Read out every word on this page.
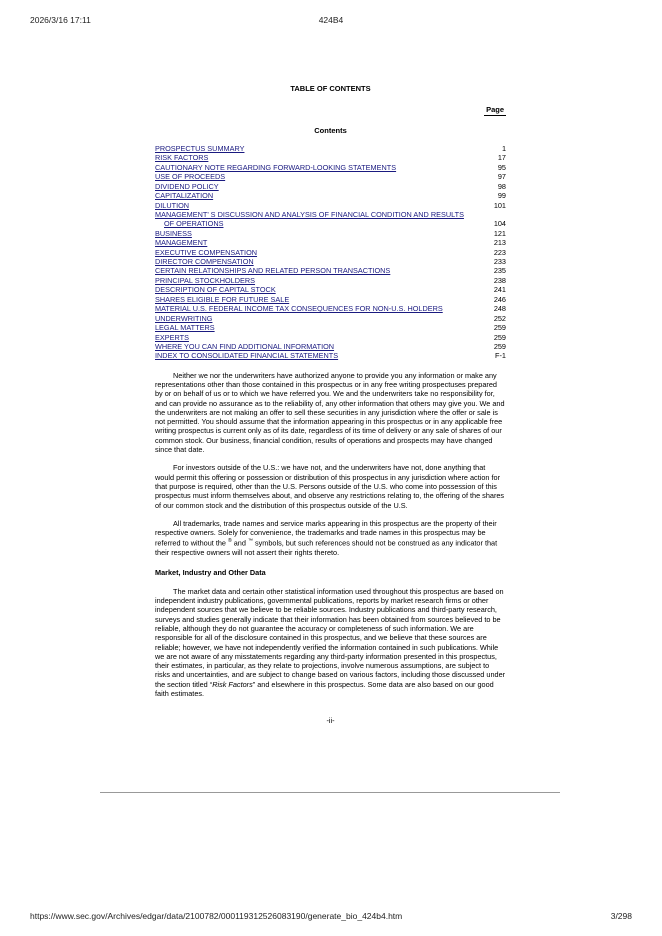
2026/3/16 17:11	424B4
TABLE OF CONTENTS
Page
Contents
PROSPECTUS SUMMARY	1
RISK FACTORS	17
CAUTIONARY NOTE REGARDING FORWARD-LOOKING STATEMENTS	95
USE OF PROCEEDS	97
DIVIDEND POLICY	98
CAPITALIZATION	99
DILUTION	101
MANAGEMENT’ S DISCUSSION AND ANALYSIS OF FINANCIAL CONDITION AND RESULTS
OF OPERATIONS	104
BUSINESS	121
MANAGEMENT	213
EXECUTIVE COMPENSATION	223
DIRECTOR COMPENSATION	233
CERTAIN RELATIONSHIPS AND RELATED PERSON TRANSACTIONS	235
PRINCIPAL STOCKHOLDERS	238
DESCRIPTION OF CAPITAL STOCK	241
SHARES ELIGIBLE FOR FUTURE SALE	246
MATERIAL U.S. FEDERAL INCOME TAX CONSEQUENCES FOR NON-U.S. HOLDERS	248
UNDERWRITING	252
LEGAL MATTERS	259
EXPERTS	259
WHERE YOU CAN FIND ADDITIONAL INFORMATION	259
INDEX TO CONSOLIDATED FINANCIAL STATEMENTS	F-1

Neither we nor the underwriters have authorized anyone to provide you any information or make any representations other than those contained in this prospectus or in any free writing prospectuses prepared by or on behalf of us or to which we have referred you. We and the underwriters take no responsibility for, and can provide no assurance as to the reliability of, any other information that others may give you. We and the underwriters are not making an offer to sell these securities in any jurisdiction where the offer or sale is not permitted. You should assume that the information appearing in this prospectus or in any applicable free writing prospectus is current only as of its date, regardless of its time of delivery or any sale of shares of our common stock. Our business, financial condition, results of operations and prospects may have changed since that date.

For investors outside of the U.S.: we have not, and the underwriters have not, done anything that would permit this offering or possession or distribution of this prospectus in any jurisdiction where action for that purpose is required, other than the U.S. Persons outside of the U.S. who come into possession of this prospectus must inform themselves about, and observe any restrictions relating to, the offering of the shares of our common stock and the distribution of this prospectus outside of the U.S.

All trademarks, trade names and service marks appearing in this prospectus are the property of their respective owners. Solely for convenience, the trademarks and trade names in this prospectus may be referred to without the ® and ™ symbols, but such references should not be construed as any indicator that their respective owners will not assert their rights thereto.

Market, Industry and Other Data

The market data and certain other statistical information used throughout this prospectus are based on independent industry publications, governmental publications, reports by market research firms or other independent sources that we believe to be reliable sources. Industry publications and third-party research, surveys and studies generally indicate that their information has been obtained from sources believed to be reliable, although they do not guarantee the accuracy or completeness of such information. We are responsible for all of the disclosure contained in this prospectus, and we believe that these sources are reliable; however, we have not independently verified the information contained in such publications. While we are not aware of any misstatements regarding any third-party information presented in this prospectus, their estimates, in particular, as they relate to projections, involve numerous assumptions, are subject to risks and uncertainties, and are subject to change based on various factors, including those discussed under the section titled “Risk Factors” and elsewhere in this prospectus. Some data are also based on our good faith estimates.

-ii-

https://www.sec.gov/Archives/edgar/data/2100782/000119312526083190/generate_bio_424b4.htm	3/298
